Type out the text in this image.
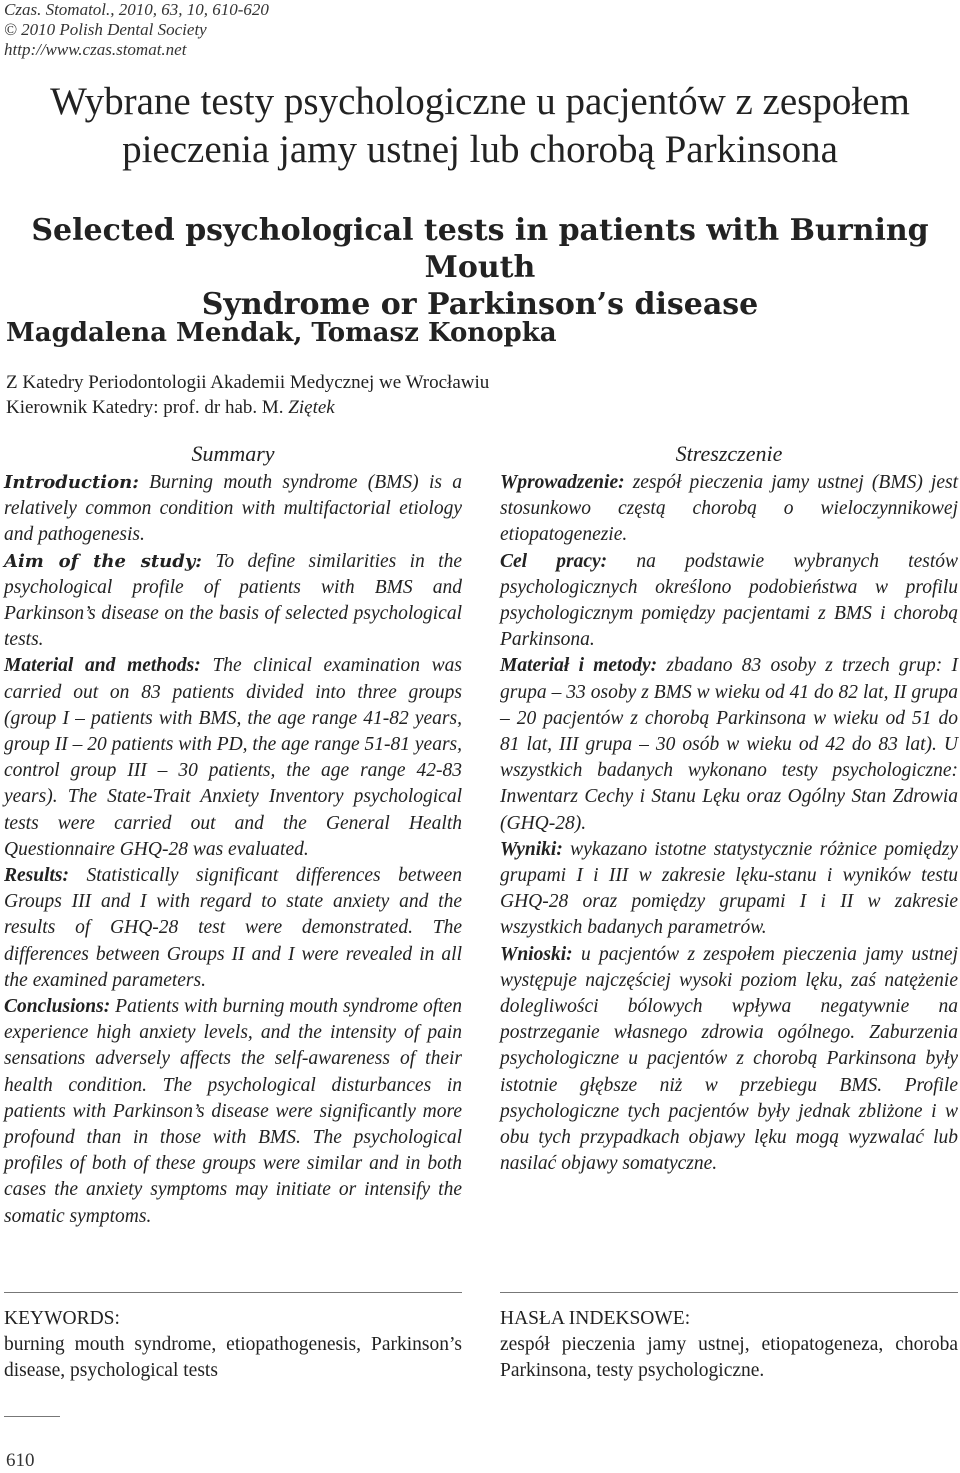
Czas. Stomatol., 2010, 63, 10, 610-620
© 2010 Polish Dental Society
http://www.czas.stomat.net
Wybrane testy psychologiczne u pacjentów z zespołem
pieczenia jamy ustnej lub chorobą Parkinsona
Selected psychological tests in patients with Burning Mouth
Syndrome or Parkinson’s disease
Magdalena Mendak, Tomasz Konopka
Z Katedry Periodontologii Akademii Medycznej we Wrocławiu
Kierownik Katedry: prof. dr hab. M. Ziętek
Summary

Introduction: Burning mouth syndrome (BMS) is a relatively common condition with multifactorial etiology and pathogenesis.

Aim of the study: To define similarities in the psychological profile of patients with BMS and Parkinson’s disease on the basis of selected psychological tests.

Material and methods: The clinical examination was carried out on 83 patients divided into three groups (group I – patients with BMS, the age range 41-82 years, group II – 20 patients with PD, the age range 51-81 years, control group III – 30 patients, the age range 42-83 years). The State-Trait Anxiety Inventory psychological tests were carried out and the General Health Questionnaire GHQ-28 was evaluated.

Results: Statistically significant differences between Groups III and I with regard to state anxiety and the results of GHQ-28 test were demonstrated. The differences between Groups II and I were revealed in all the examined parameters.

Conclusions: Patients with burning mouth syndrome often experience high anxiety levels, and the intensity of pain sensations adversely affects the self-awareness of their health condition. The psychological disturbances in patients with Parkinson’s disease were significantly more profound than in those with BMS. The psychological profiles of both of these groups were similar and in both cases the anxiety symptoms may initiate or intensify the somatic symptoms.

Streszczenie

Wprowadzenie: zespół pieczenia jamy ustnej (BMS) jest stosunkowo częstą chorobą o wieloczynnikowej etiopatogenezie.

Cel pracy: na podstawie wybranych testów psychologicznych określono podobieństwa w profilu psychologicznym pomiędzy pacjentami z BMS i chorobą Parkinsona.

Materiał i metody: zbadano 83 osoby z trzech grup: I grupa – 33 osoby z BMS w wieku od 41 do 82 lat, II grupa – 20 pacjentów z chorobą Parkinsona w wieku od 51 do 81 lat, III grupa – 30 osób w wieku od 42 do 83 lat). U wszystkich badanych wykonano testy psychologiczne: Inwentarz Cechy i Stanu Lęku oraz Ogólny Stan Zdrowia (GHQ-28).

Wyniki: wykazano istotne statystycznie różnice pomiędzy grupami I i III w zakresie lęku-stanu i wyników testu GHQ-28 oraz pomiędzy grupami I i II w zakresie wszystkich badanych parametrów.

Wnioski: u pacjentów z zespołem pieczenia jamy ustnej występuje najczęściej wysoki poziom lęku, zaś natężenie dolegliwości bólowych wpływa negatywnie na postrzeganie własnego zdrowia ogólnego. Zaburzenia psychologiczne u pacjentów z chorobą Parkinsona były istotnie głębsze niż w przebiegu BMS. Profile psychologiczne tych pacjentów były jednak zbliżone i w obu tych przypadkach objawy lęku mogą wyzwalać lub nasilać objawy somatyczne.

KEYWORDS:
burning mouth syndrome, etiopathogenesis, Parkinson’s disease, psychological tests
HASŁA INDEKSOWE:
zespół pieczenia jamy ustnej, etiopatogeneza, choroba Parkinsona, testy psychologiczne.
610
